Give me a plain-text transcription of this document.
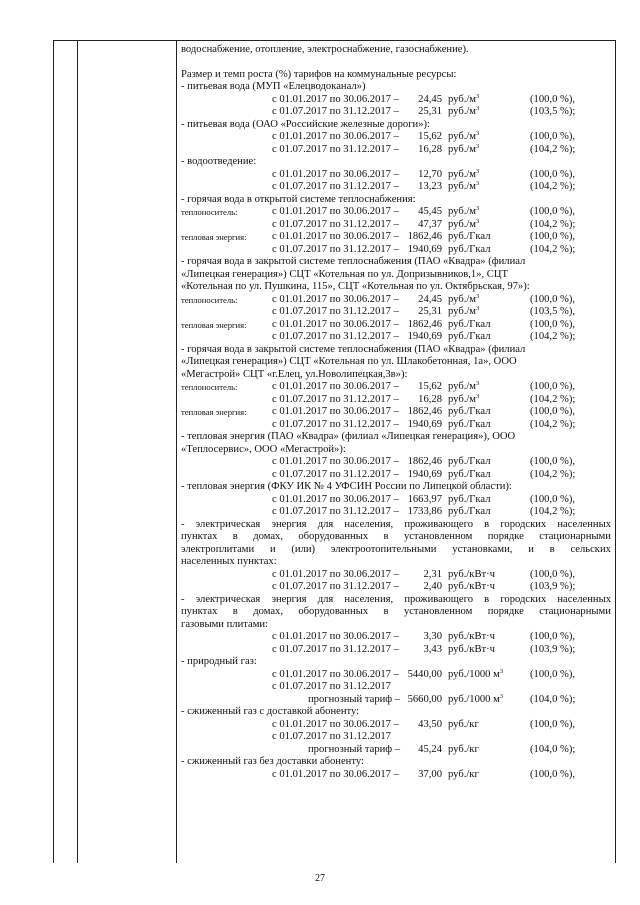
водоснабжение, отопление, электроснабжение, газоснабжение).
Размер и темп роста (%) тарифов на коммунальные ресурсы:
- питьевая вода (МУП «Елецводоканал»)
с 01.01.2017 по 30.06.2017 – 24,45 $руб./м^3$	(100,0 %),
с 01.07.2017 по 31.12.2017 – 25,31 $руб./м^3$	(103,5 %);
- питьевая вода (ОАО «Российские железные дороги»):
с 01.01.2017 по 30.06.2017 – 15,62 $руб./м^3$	(100,0 %),
с 01.07.2017 по 31.12.2017 – 16,28 $руб./м^3$	(104,2 %);
- водоотведение:
с 01.01.2017 по 30.06.2017 – 12,70 $руб./м^3$	(100,0 %),
с 01.07.2017 по 31.12.2017 – 13,23 $руб./м^3$	(104,2 %);
- горячая вода в открытой системе теплоснабжения:
теплоноситель:	с 01.01.2017 по 30.06.2017 – 45,45 $руб./м^3$	(100,0 %),
с 01.07.2017 по 31.12.2017 – 47,37 $руб./м^3$	(104,2 %);
тепловая энергия: с 01.01.2017 по 30.06.2017 – 1862,46 руб./Гкал	(100,0 %),
с 01.07.2017 по 31.12.2017 – 1940,69 руб./Гкал	(104,2 %);
- горячая вода в закрытой системе теплоснабжения (ПАО «Квадра» (филиал
«Липецкая генерация») СЦТ «Котельная по ул. Допризывников,1», СЦТ
«Котельная по ул. Пушкина, 115», СЦТ «Котельная по ул. Октябрьская, 97»):
теплоноситель:	с 01.01.2017 по 30.06.2017 – 24,45 $руб./м^3$	(100,0 %),
с 01.07.2017 по 31.12.2017 – 25,31 $руб./м^3$	(103,5 %),
тепловая энергия: с 01.01.2017 по 30.06.2017 – 1862,46 руб./Гкал	(100,0 %),
с 01.07.2017 по 31.12.2017 – 1940,69 руб./Гкал	(104,2 %);
- горячая вода в закрытой системе теплоснабжения (ПАО «Квадра» (филиал
«Липецкая генерация») СЦТ «Котельная по ул. Шлакобетонная, 1а», ООО
«Мегастрой» СЦТ «г.Елец, ул.Новолипецкая,3в»):
теплоноситель:	с 01.01.2017 по 30.06.2017 – 15,62 $руб./м^3$	(100,0 %),
с 01.07.2017 по 31.12.2017 – 16,28 $руб./м^3$	(104,2 %);
тепловая энергия: с 01.01.2017 по 30.06.2017 – 1862,46 руб./Гкал	(100,0 %),
с 01.07.2017 по 31.12.2017 – 1940,69 руб./Гкал	(104,2 %);
- тепловая энергия (ПАО «Квадра» (филиал «Липецкая генерация»), ООО
«Теплосервис», ООО «Мегастрой»):
с 01.01.2017 по 30.06.2017 – 1862,46 руб./Гкал	(100,0 %),
с 01.07.2017 по 31.12.2017 – 1940,69 руб./Гкал	(104,2 %);
- тепловая энергия (ФКУ ИК № 4 УФСИН России по Липецкой области):
с 01.01.2017 по 30.06.2017 – 1663,97 руб./Гкал	(100,0 %),
с 01.07.2017 по 31.12.2017 – 1733,86 руб./Гкал	(104,2 %);
- электрическая энергия для населения, проживающего в городских населенных
пунктах в домах, оборудованных в установленном порядке стационарными
электроплитами и (или) электроотопительными установками, и в сельских
населенных пунктах:
с 01.01.2017 по 30.06.2017 – 2,31 руб./кВт·ч	(100,0 %),
с 01.07.2017 по 31.12.2017 – 2,40 руб./кВт·ч	(103,9 %);
- электрическая энергия для населения, проживающего в городских населенных
пунктах в домах, оборудованных в установленном порядке стационарными
газовыми плитами:
с 01.01.2017 по 30.06.2017 – 3,30 руб./кВт·ч	(100,0 %),
с 01.07.2017 по 31.12.2017 – 3,43 руб./кВт·ч	(103,9 %);
- природный газ:
с 01.01.2017 по 30.06.2017 – 5440,00 руб./1000 $м^3$	(100,0 %),
с 01.07.2017 по 31.12.2017
прогнозный тариф – 5660,00 руб./1000 $м^3$	(104,0 %);
- сжиженный газ с доставкой абоненту:
с 01.01.2017 по 30.06.2017 – 43,50 руб./кг	(100,0 %),
с 01.07.2017 по 31.12.2017
прогнозный тариф – 45,24 руб./кг	(104,0 %);
- сжиженный газ без доставки абоненту:
с 01.01.2017 по 30.06.2017 – 37,00 руб./кг	(100,0 %),
27
